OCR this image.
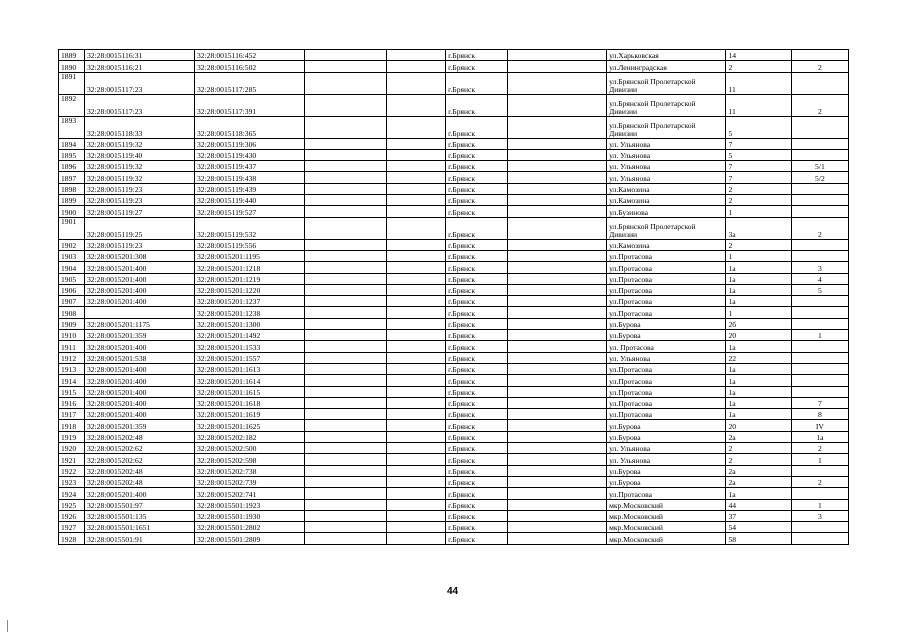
1889	32:28:0015116:31	32:28:0015116:452			г.Брянск		ул.Харьковская	14	
1890	32:28:0015116:21	32:28:0015116:502			г.Брянск		ул.Ленинградская	2	2
1891	32:28:0015117:23	32:28:0015117:285			г.Брянск		ул.Брянской Пролетарской
Дивизии	11	
1892	32:28:0015117:23	32:28:0015117:391			г.Брянск		ул.Брянской Пролетарской
Дивизии	11	2
1893	32:28:0015118:33	32:28:0015118:365			г.Брянск		ул.Брянской Пролетарской
Дивизии	5	
1894	32:28:0015119:32	32:28:0015119:306			г.Брянск		ул. Ульянова	7	
1895	32:28:0015119:40	32:28:0015119:430			г.Брянск		ул. Ульянова	5	
1896	32:28:0015119:32	32:28:0015119:437			г.Брянск		ул. Ульянова	7	5/1
1897	32:28:0015119:32	32:28:0015119:438			г.Брянск		ул. Ульянова	7	5/2
1898	32:28:0015119:23	32:28:0015119:439			г.Брянск		ул.Камозина	2	
1899	32:28:0015119:23	32:28:0015119:440			г.Брянск		ул.Камозина	2	
1900	32:28:0015119:27	32:28:0015119:527			г.Брянск		ул.Бузинова	1	
1901	32:28:0015119:25	32:28:0015119:532			г.Брянск		ул.Брянской Пролетарской
Дивизии	3а	2
1902	32:28:0015119:23	32:28:0015119:556			г.Брянск		ул.Камозина	2	
1903	32:28:0015201:308	32:28:0015201:1195			г.Брянск		ул.Протасова	1	
1904	32:28:0015201:400	32:28:0015201:1218			г.Брянск		ул.Протасова	1а	3
1905	32:28:0015201:400	32:28:0015201:1219			г.Брянск		ул.Протасова	1а	4
1906	32:28:0015201:400	32:28:0015201:1220			г.Брянск		ул.Протасова	1а	5
1907	32:28:0015201:400	32:28:0015201:1237			г.Брянск		ул.Протасова	1а	
1908		32:28:0015201:1238			г.Брянск		ул.Протасова	1	
1909	32:28:0015201:1175	32:28:0015201:1300			г.Брянск		ул.Бурова	2б	
1910	32:28:0015201:359	32:28:0015201:1492			г.Брянск		ул.Бурова	20	1
1911	32:28:0015201:400	32:28:0015201:1533			г.Брянск		ул. Протасова	1а	
1912	32:28:0015201:538	32:28:0015201:1557			г.Брянск		ул. Ульянова	22	
1913	32:28:0015201:400	32:28:0015201:1613			г.Брянск		ул.Протасова	1а	
1914	32:28:0015201:400	32:28:0015201:1614			г.Брянск		ул.Протасова	1а	
1915	32:28:0015201:400	32:28:0015201:1615			г.Брянск		ул.Протасова	1а	
1916	32:28:0015201:400	32:28:0015201:1618			г.Брянск		ул.Протасова	1а	7
1917	32:28:0015201:400	32:28:0015201:1619			г.Брянск		ул.Протасова	1а	8
1918	32:28:0015201:359	32:28:0015201:1625			г.Брянск		ул.Бурова	20	IV
1919	32:28:0015202:48	32:28:0015202:182			г.Брянск		ул.Бурова	2а	1а
1920	32:28:0015202:62	32:28:0015202:500			г.Брянск		ул. Ульянова	2	2
1921	32:28:0015202:62	32:28:0015202:598			г.Брянск		ул. Ульянова	2	1
1922	32:28:0015202:48	32:28:0015202:738			г.Брянск		ул.Бурова	2а	
1923	32:28:0015202:48	32:28:0015202:739			г.Брянск		ул.Бурова	2а	2
1924	32:28:0015201:400	32:28:0015202:741			г.Брянск		ул.Протасова	1а	
1925	32:28:0015501:97	32:28:0015501:1923			г.Брянск		мкр.Московский	44	1
1926	32:28:0015501:135	32:28:0015501:1930			г.Брянск		мкр.Московский	37	3
1927	32:28:0015501:1651	32:28:0015501:2802			г.Брянск		мкр.Московский	54	
1928	32:28:0015501:91	32:28:0015501:2809			г.Брянск		мкр.Московский	58	
44
